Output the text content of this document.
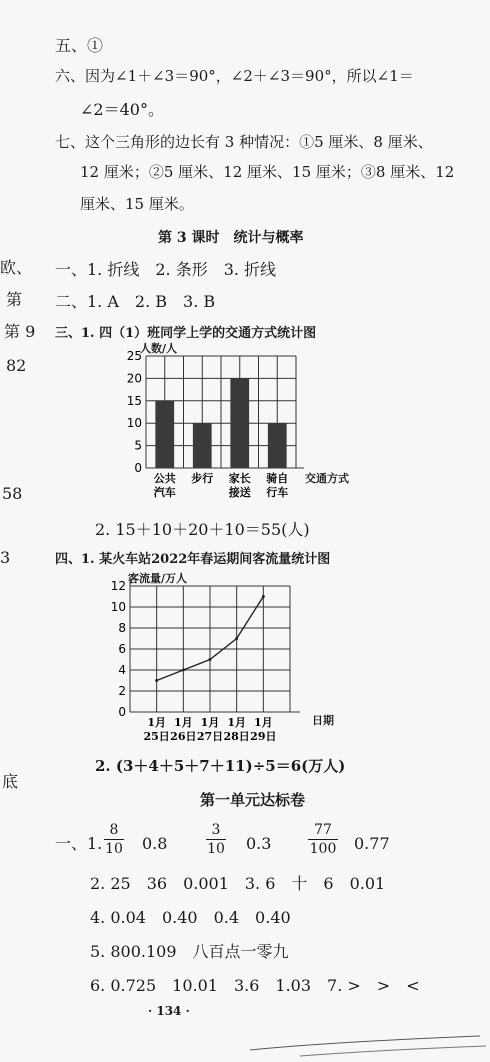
欧、
第
第 9
82
58
3
底
五、①
六、因为∠1＋∠3＝90°，∠2＋∠3＝90°，所以∠1＝
∠2＝40°。
七、这个三角形的边长有 3 种情况：①5 厘米、8 厘米、
12 厘米；②5 厘米、12 厘米、15 厘米；③8 厘米、12
厘米、15 厘米。
第 3 课时　统计与概率
一、1. 折线　2. 条形　3. 折线
二、1. A　2. B　3. B
三、1. 四（1）班同学上学的交通方式统计图
0
5
10
15
20
25
公共
汽车
步行 家长
接送
骑自
行车
人数/人
交通方式
2. 15＋10＋20＋10＝55(人)
四、1. 某火车站2022年春运期间客流量统计图
0
2
4
6
8
10
12
1月
25日
1月
26日
1月
27日
1月
28日
1月
29日
客流量/万人
日期
2. (3＋4＋5＋7＋11)÷5＝6(万人)
第一单元达标卷
一、1.
8
10 0.8
3
10 0.3
77
100 0.77
2. 25　36　0.001　3. 6　十　6　0.01
4. 0.04　0.40　0.4　0.40
5. 800.109　八百点一零九
6. 0.725　10.01　3.6　1.03　7. >　>　<
· 134 ·
